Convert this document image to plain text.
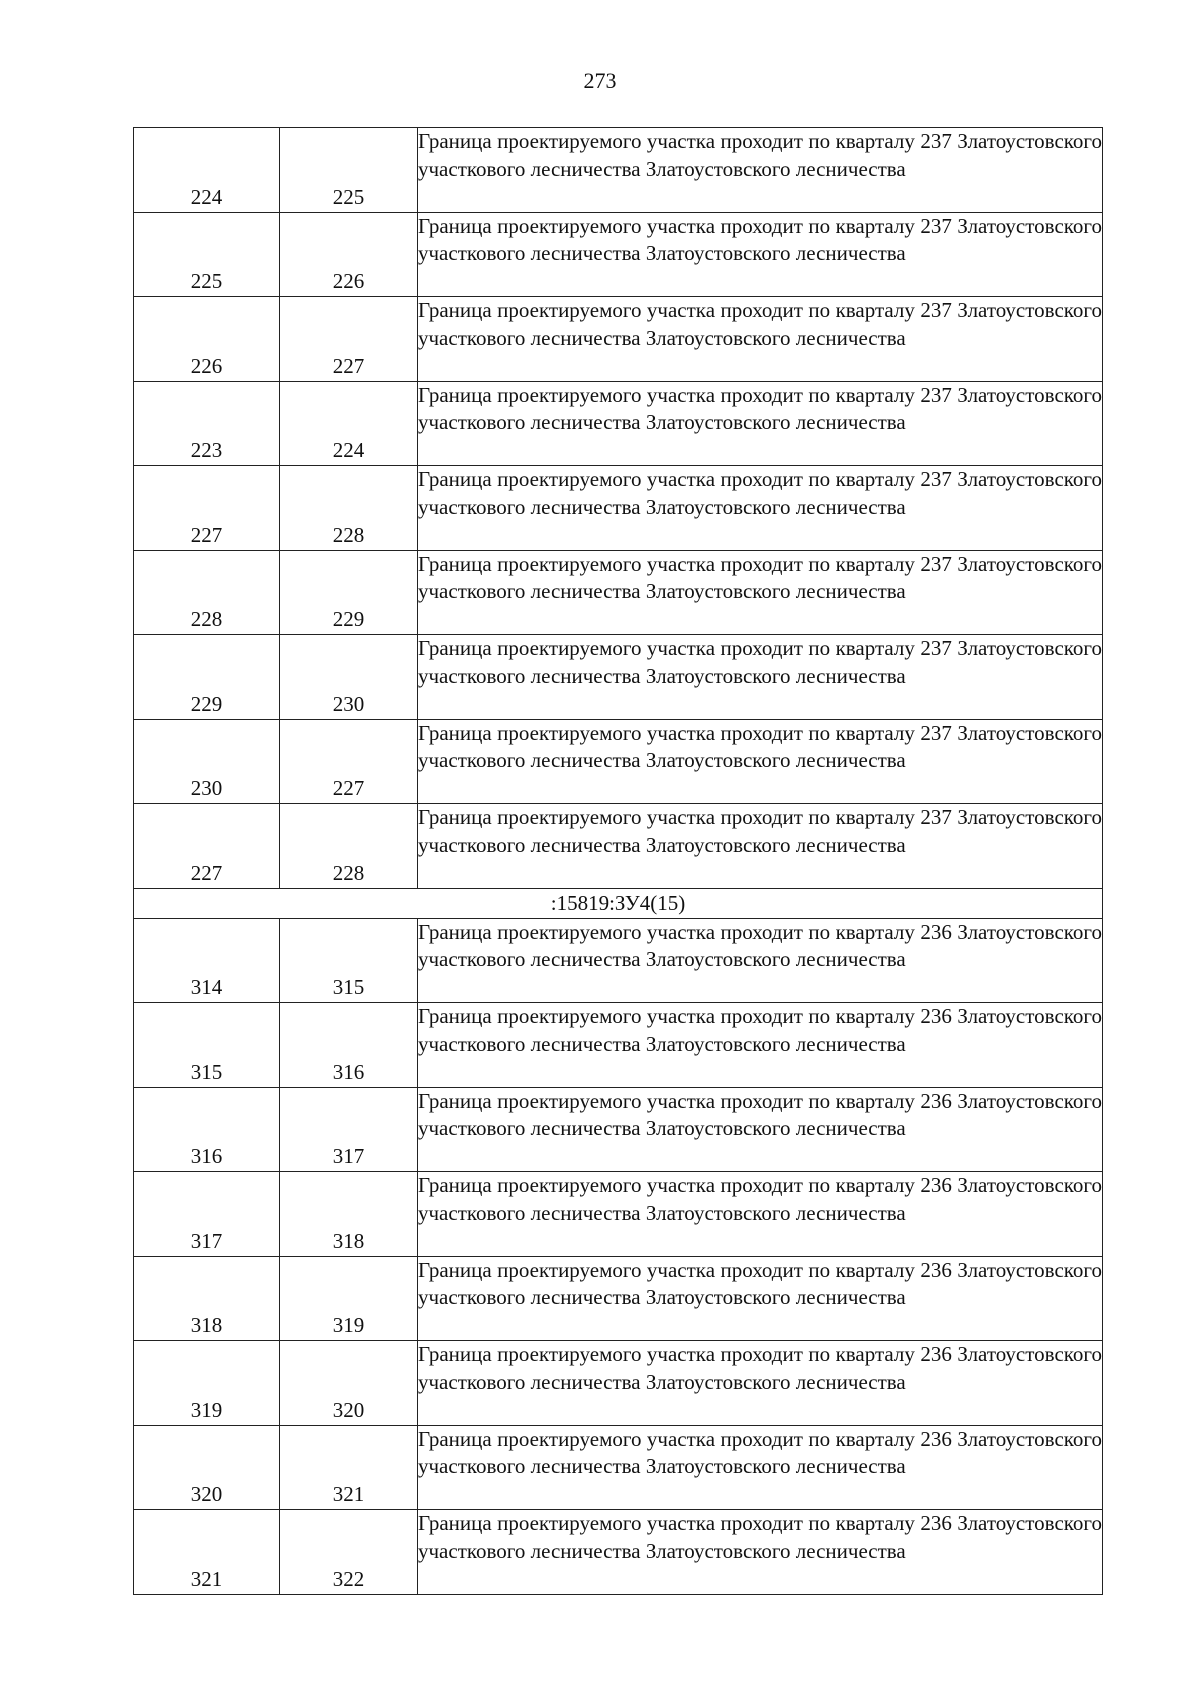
273
224	225	Граница проектируемого участка проходит по кварталу 237 Златоустовского участкового лесничества Златоустовского лесничества
225	226	Граница проектируемого участка проходит по кварталу 237 Златоустовского участкового лесничества Златоустовского лесничества
226	227	Граница проектируемого участка проходит по кварталу 237 Златоустовского участкового лесничества Златоустовского лесничества
223	224	Граница проектируемого участка проходит по кварталу 237 Златоустовского участкового лесничества Златоустовского лесничества
227	228	Граница проектируемого участка проходит по кварталу 237 Златоустовского участкового лесничества Златоустовского лесничества
228	229	Граница проектируемого участка проходит по кварталу 237 Златоустовского участкового лесничества Златоустовского лесничества
229	230	Граница проектируемого участка проходит по кварталу 237 Златоустовского участкового лесничества Златоустовского лесничества
230	227	Граница проектируемого участка проходит по кварталу 237 Златоустовского участкового лесничества Златоустовского лесничества
227	228	Граница проектируемого участка проходит по кварталу 237 Златоустовского участкового лесничества Златоустовского лесничества
:15819:ЗУ4(15)		
314	315	Граница проектируемого участка проходит по кварталу 236 Златоустовского участкового лесничества Златоустовского лесничества
315	316	Граница проектируемого участка проходит по кварталу 236 Златоустовского участкового лесничества Златоустовского лесничества
316	317	Граница проектируемого участка проходит по кварталу 236 Златоустовского участкового лесничества Златоустовского лесничества
317	318	Граница проектируемого участка проходит по кварталу 236 Златоустовского участкового лесничества Златоустовского лесничества
318	319	Граница проектируемого участка проходит по кварталу 236 Златоустовского участкового лесничества Златоустовского лесничества
319	320	Граница проектируемого участка проходит по кварталу 236 Златоустовского участкового лесничества Златоустовского лесничества
320	321	Граница проектируемого участка проходит по кварталу 236 Златоустовского участкового лесничества Златоустовского лесничества
321	322	Граница проектируемого участка проходит по кварталу 236 Златоустовского участкового лесничества Златоустовского лесничества
